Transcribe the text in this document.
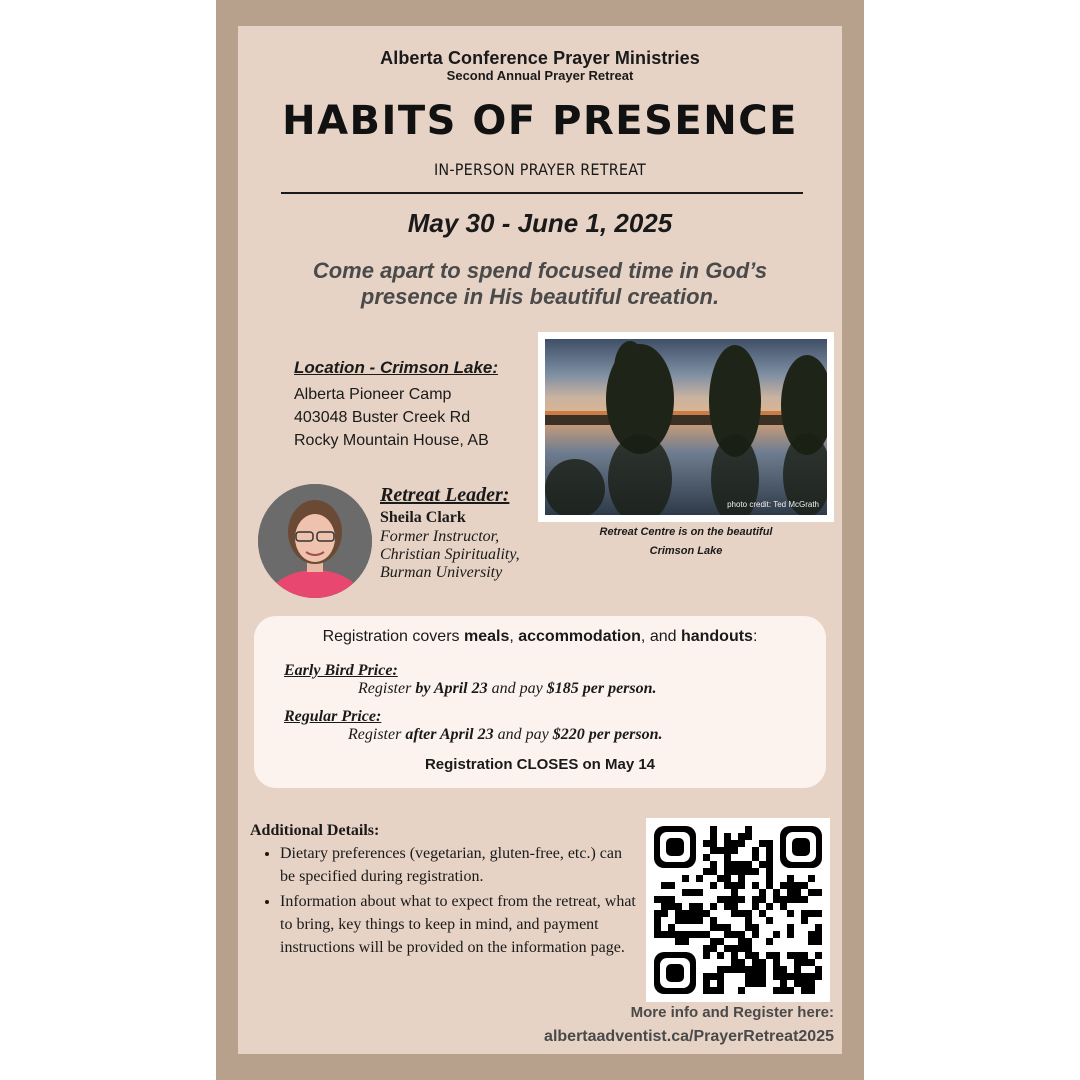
Alberta Conference Prayer Ministries
Second Annual Prayer Retreat
HABITS OF PRESENCE
IN-PERSON PRAYER RETREAT
May 30 - June 1, 2025
Come apart to spend focused time in God’s presence in His beautiful creation.
Location - Crimson Lake:
Alberta Pioneer Camp
403048 Buster Creek Rd
Rocky Mountain House, AB
photo credit: Ted McGrath
Retreat Centre is on the beautiful
Crimson Lake
Retreat Leader:
Sheila Clark
Former Instructor,
Christian Spirituality,
Burman University
Registration covers meals, accommodation, and handouts:
Early Bird Price:
Register by April 23 and pay $185 per person.
Regular Price:
Register after April 23 and pay $220 per person.
Registration CLOSES on May 14
Additional Details:
• Dietary preferences (vegetarian, gluten-free, etc.) can be specified during registration.
• Information about what to expect from the retreat, what to bring, key things to keep in mind, and payment instructions will be provided on the information page.
More info and Register here:
albertaadventist.ca/PrayerRetreat2025
